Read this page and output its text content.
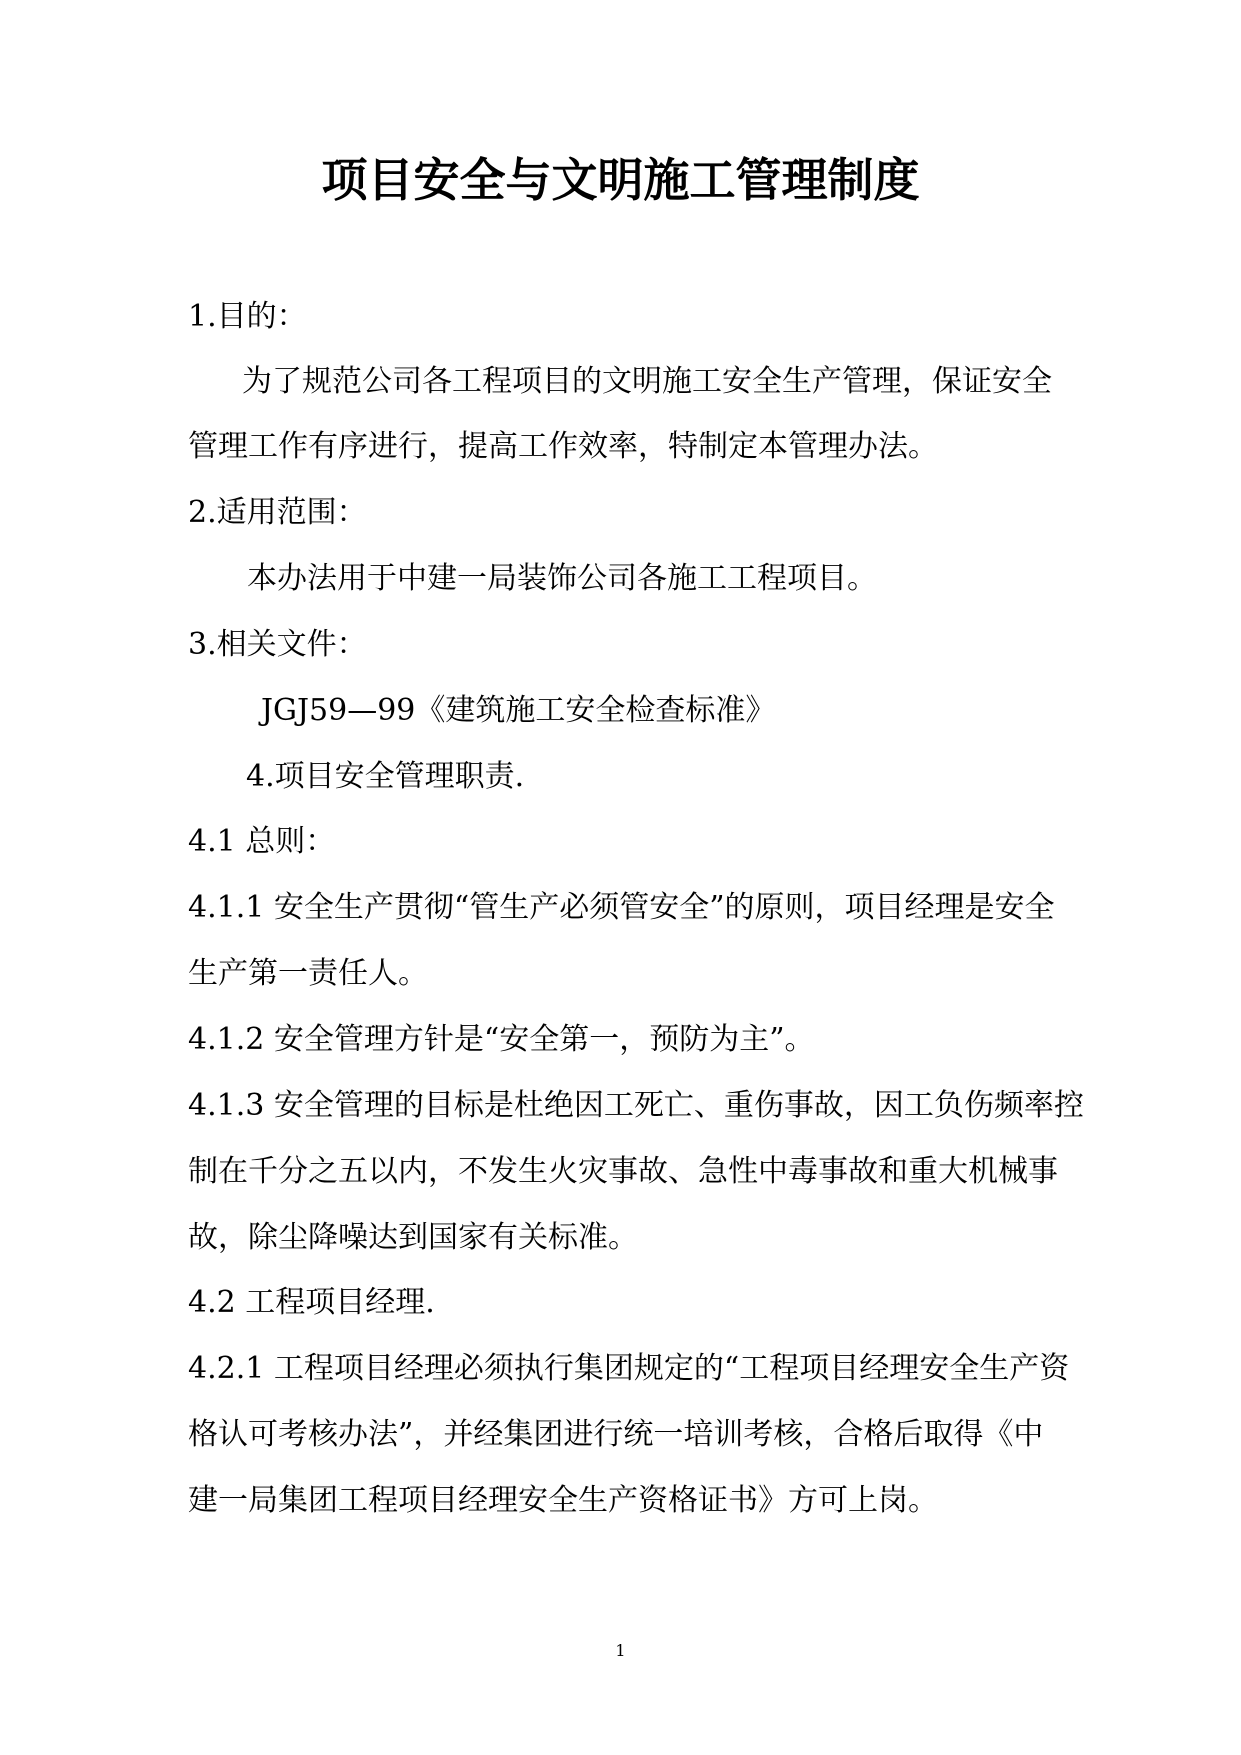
项目安全与文明施工管理制度

1.目的：

为了规范公司各工程项目的文明施工安全生产管理，保证安全

管理工作有序进行，提高工作效率，特制定本管理办法。

2.适用范围：

本办法用于中建一局装饰公司各施工工程项目。

3.相关文件：

JGJ59—99《建筑施工安全检查标准》

4.项目安全管理职责.

4.1 总则：

4.1.1 安全生产贯彻“管生产必须管安全”的原则，项目经理是安全

生产第一责任人。

4.1.2 安全管理方针是“安全第一，预防为主”。

4.1.3 安全管理的目标是杜绝因工死亡、重伤事故，因工负伤频率控

制在千分之五以内，不发生火灾事故、急性中毒事故和重大机械事

故，除尘降噪达到国家有关标准。

4.2 工程项目经理.

4.2.1 工程项目经理必须执行集团规定的“工程项目经理安全生产资

格认可考核办法”，并经集团进行统一培训考核，合格后取得《中

建一局集团工程项目经理安全生产资格证书》方可上岗。

1
